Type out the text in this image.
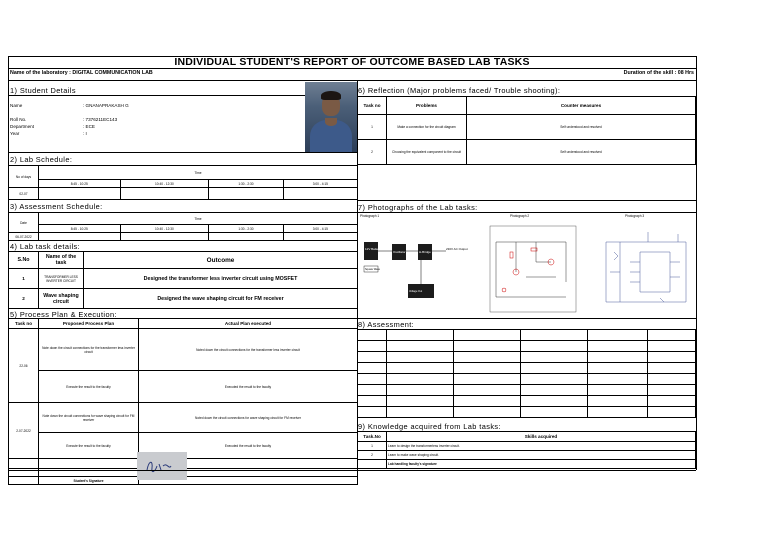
INDIVIDUAL STUDENT'S REPORT OF OUTCOME BASED LAB TASKS
Name of the laboratory : DIGITAL COMMUNICATION LAB	Duration of the skill : 08 Hrs
1) Student Details
Name	: GNANAPRAKASH G
Roll No.	: 7376211EC143
Department	: ECE
Year	: I
2) Lab Schedule:
No of days	Time			
	8:45 - 10:25	10:40 - 12:30	1:30 - 2:30	3:00 - 4:15
02-07				
3) Assessment Schedule:
Date	Time			
	8:45 - 10:25	10:40 - 12:30	1:30 - 2:30	3:00 - 4:15
06-07-2022				
4) Lab task details:
S.No	Name of the task	Outcome
1	TRANSFORMER LESS INVERTER CIRCUIT	Designed the transformer less inverter circuit using MOSFET
2	Wave shaping circuit	Designed the wave shaping circuit for FM receiver
5) Process Plan & Execution:
Task no	Proposed Process Plan	Actual Plan executed
22-06	Note down the circuit connections for the transformer less inverter circuit	Noted down the circuit connections for the transformer less inverter circuit
	Execute the result to the faculty	Executed the result to the faculty
2-07-2022	Note down the circuit connections for wave shaping circuit for FM receiver	Noted down the circuit connections for wave shaping circuit for FM receiver
	Execute the result to the faculty	Executed the result to the faculty

	Student's Signature	
6) Reflection (Major problems faced/ Trouble shooting):
Task no	Problems	Counter measures
1	Make a connection for the circuit diagram	Self understood and resolved
2	Choosing the equivalent component to the circuit	Self understood and resolved
7) Photographs of the Lab tasks:
Photograph 1	Photograph 2	Photograph 3
12V Battery
Oscillator	H-Bridge
230V AC Output
Square Wave
Voltage Out
8) Assessment:

9) Knowledge acquired from Lab tasks:
Task.No	Skills acquired
1	Learn to design the transformerless inverter circuit.
2	Learn to make wave shaping circuit.
	Lab handling faculty's signature
